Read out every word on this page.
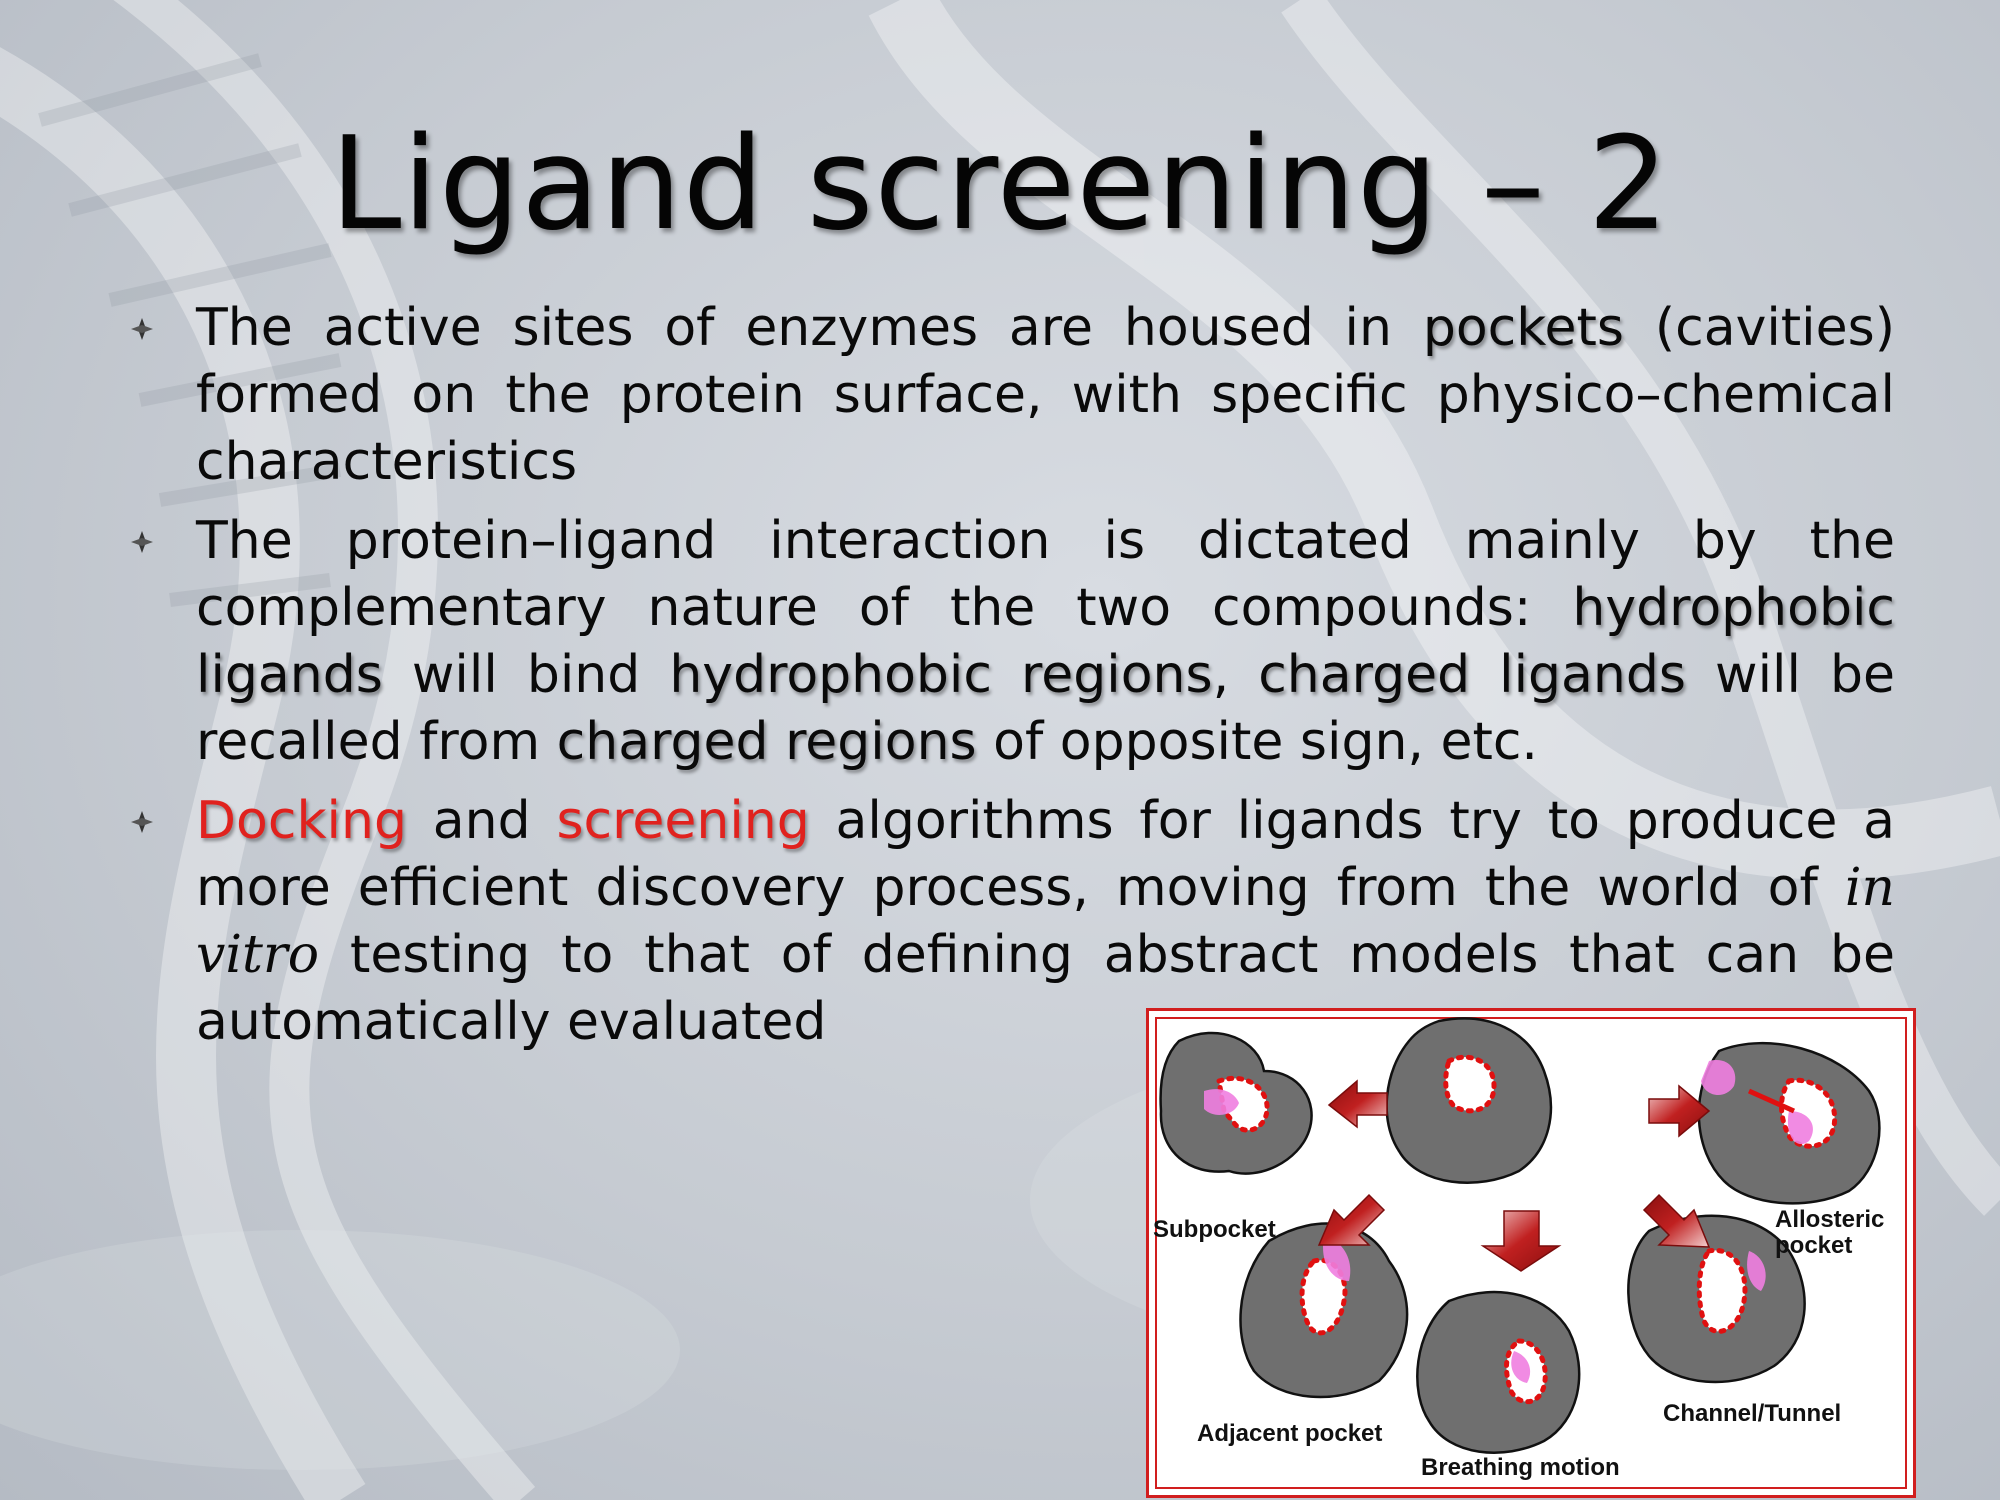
Ligand screening – 2
The active sites of enzymes are housed in pockets (cavities) formed on the protein surface, with specific physico–chemical characteristics
The protein–ligand interaction is dictated mainly by the complementary nature of the two compounds: hydrophobic ligands will bind hydrophobic regions, charged ligands will be recalled from charged regions of opposite sign, etc.
Docking and screening algorithms for ligands try to produce a more efficient discovery process, moving from the world of in vitro testing to that of defining abstract models that can be automatically evaluated
Subpocket	Allosteric pocket
Adjacent pocket
Breathing motion
Channel/Tunnel
